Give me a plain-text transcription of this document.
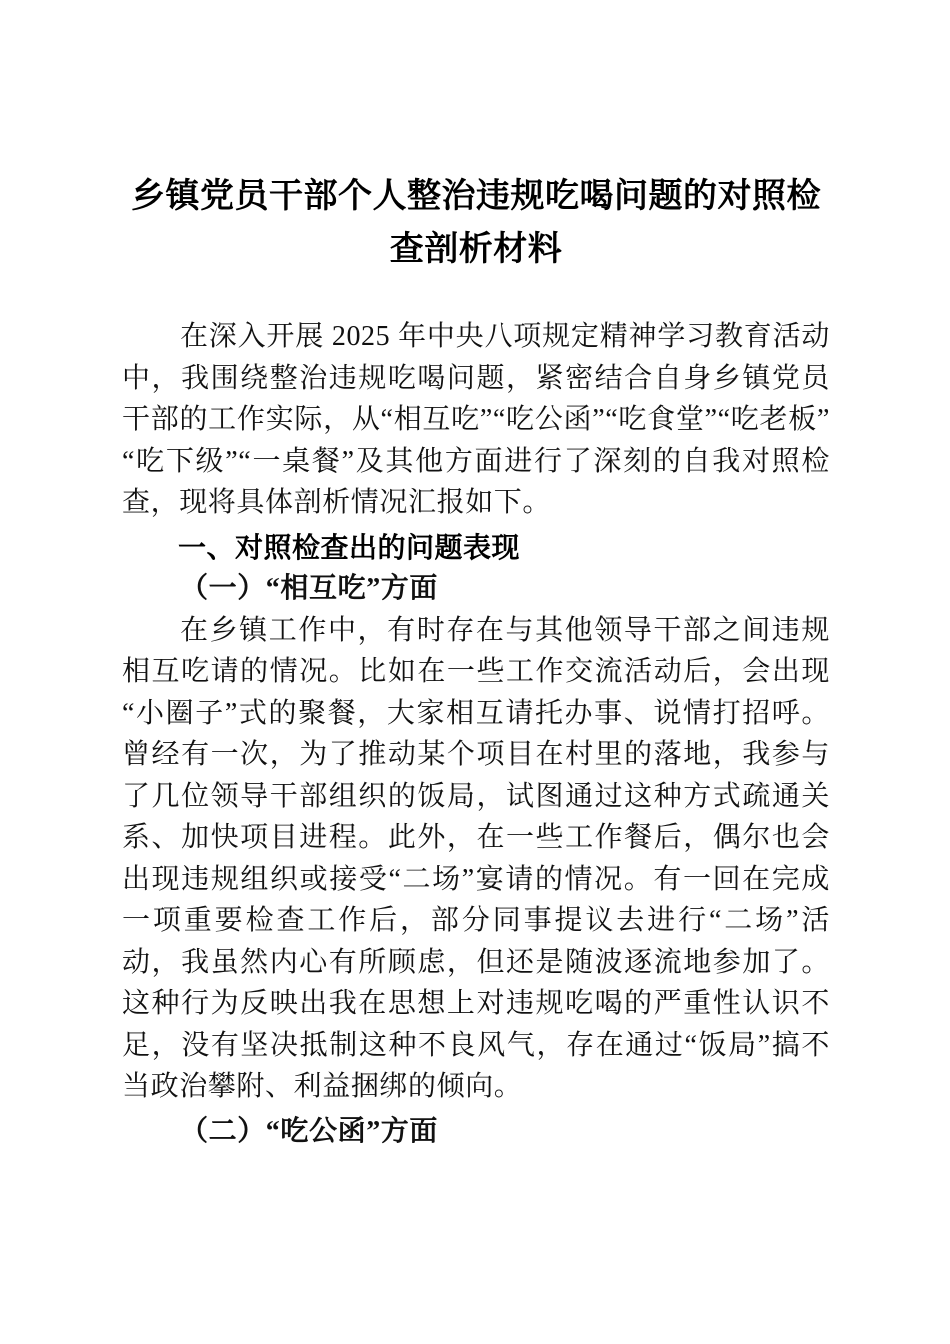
乡镇党员干部个人整治违规吃喝问题的对照检查剖析材料

在深入开展 2025 年中央八项规定精神学习教育活动中，我围绕整治违规吃喝问题，紧密结合自身乡镇党员干部的工作实际，从“相互吃”“吃公函”“吃食堂”“吃老板”“吃下级”“一桌餐”及其他方面进行了深刻的自我对照检查，现将具体剖析情况汇报如下。

一、对照检查出的问题表现
（一）“相互吃”方面

在乡镇工作中，有时存在与其他领导干部之间违规相互吃请的情况。比如在一些工作交流活动后，会出现“小圈子”式的聚餐，大家相互请托办事、说情打招呼。曾经有一次，为了推动某个项目在村里的落地，我参与了几位领导干部组织的饭局，试图通过这种方式疏通关系、加快项目进程。此外，在一些工作餐后，偶尔也会出现违规组织或接受“二场”宴请的情况。有一回在完成一项重要检查工作后，部分同事提议去进行“二场”活动，我虽然内心有所顾虑，但还是随波逐流地参加了。这种行为反映出我在思想上对违规吃喝的严重性认识不足，没有坚决抵制这种不良风气，存在通过“饭局”搞不当政治攀附、利益捆绑的倾向。

（二）“吃公函”方面
